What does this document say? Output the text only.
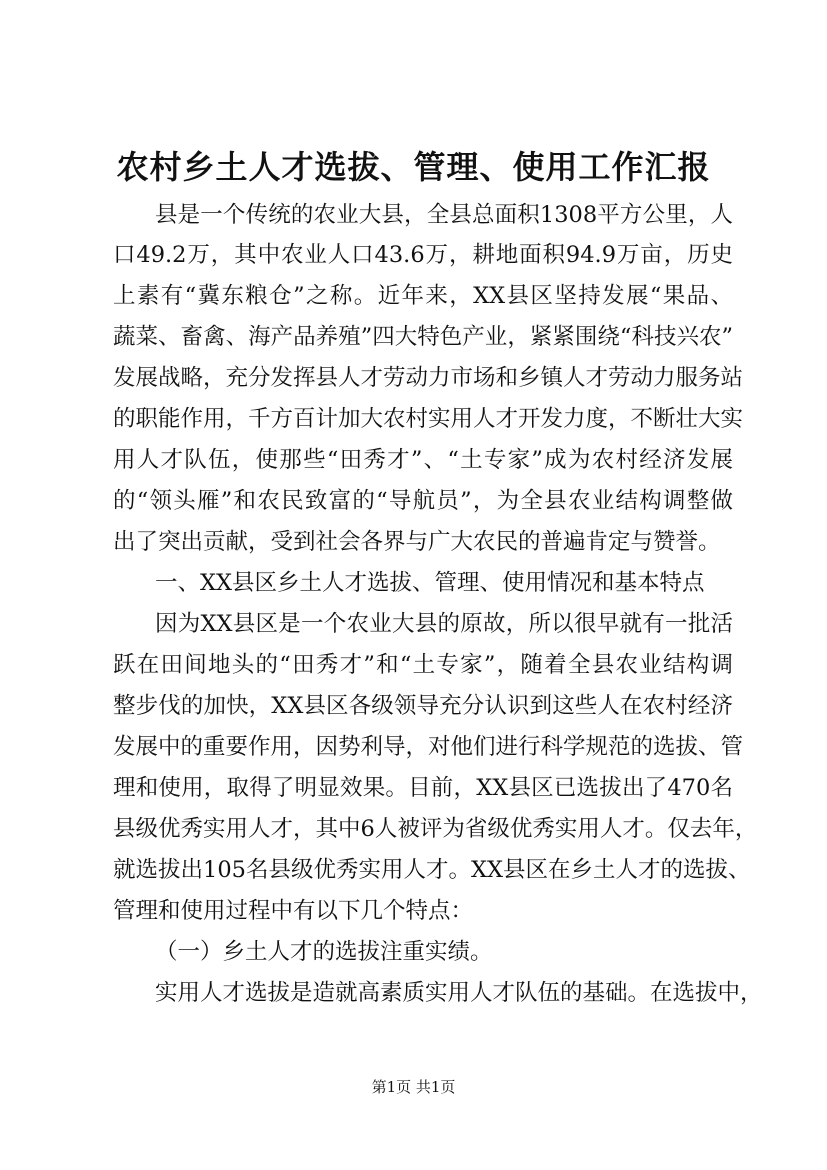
农村乡土人才选拔、管理、使用工作汇报
县是一个传统的农业大县，全县总面积1308平方公里，人
口49.2万，其中农业人口43.6万，耕地面积94.9万亩，历史
上素有“冀东粮仓”之称。近年来，XX县区坚持发展“果品、
蔬菜、畜禽、海产品养殖”四大特色产业，紧紧围绕“科技兴农”
发展战略，充分发挥县人才劳动力市场和乡镇人才劳动力服务站
的职能作用，千方百计加大农村实用人才开发力度，不断壮大实
用人才队伍，使那些“田秀才”、“土专家”成为农村经济发展
的“领头雁”和农民致富的“导航员”，为全县农业结构调整做
出了突出贡献，受到社会各界与广大农民的普遍肯定与赞誉。
一、XX县区乡土人才选拔、管理、使用情况和基本特点
因为XX县区是一个农业大县的原故，所以很早就有一批活
跃在田间地头的“田秀才”和“土专家”，随着全县农业结构调
整步伐的加快，XX县区各级领导充分认识到这些人在农村经济
发展中的重要作用，因势利导，对他们进行科学规范的选拔、管
理和使用，取得了明显效果。目前，XX县区已选拔出了470名
县级优秀实用人才，其中6人被评为省级优秀实用人才。仅去年，
就选拔出105名县级优秀实用人才。XX县区在乡土人才的选拔、
管理和使用过程中有以下几个特点：
（一）乡土人才的选拔注重实绩。
实用人才选拔是造就高素质实用人才队伍的基础。在选拔中，
第1页 共1页
